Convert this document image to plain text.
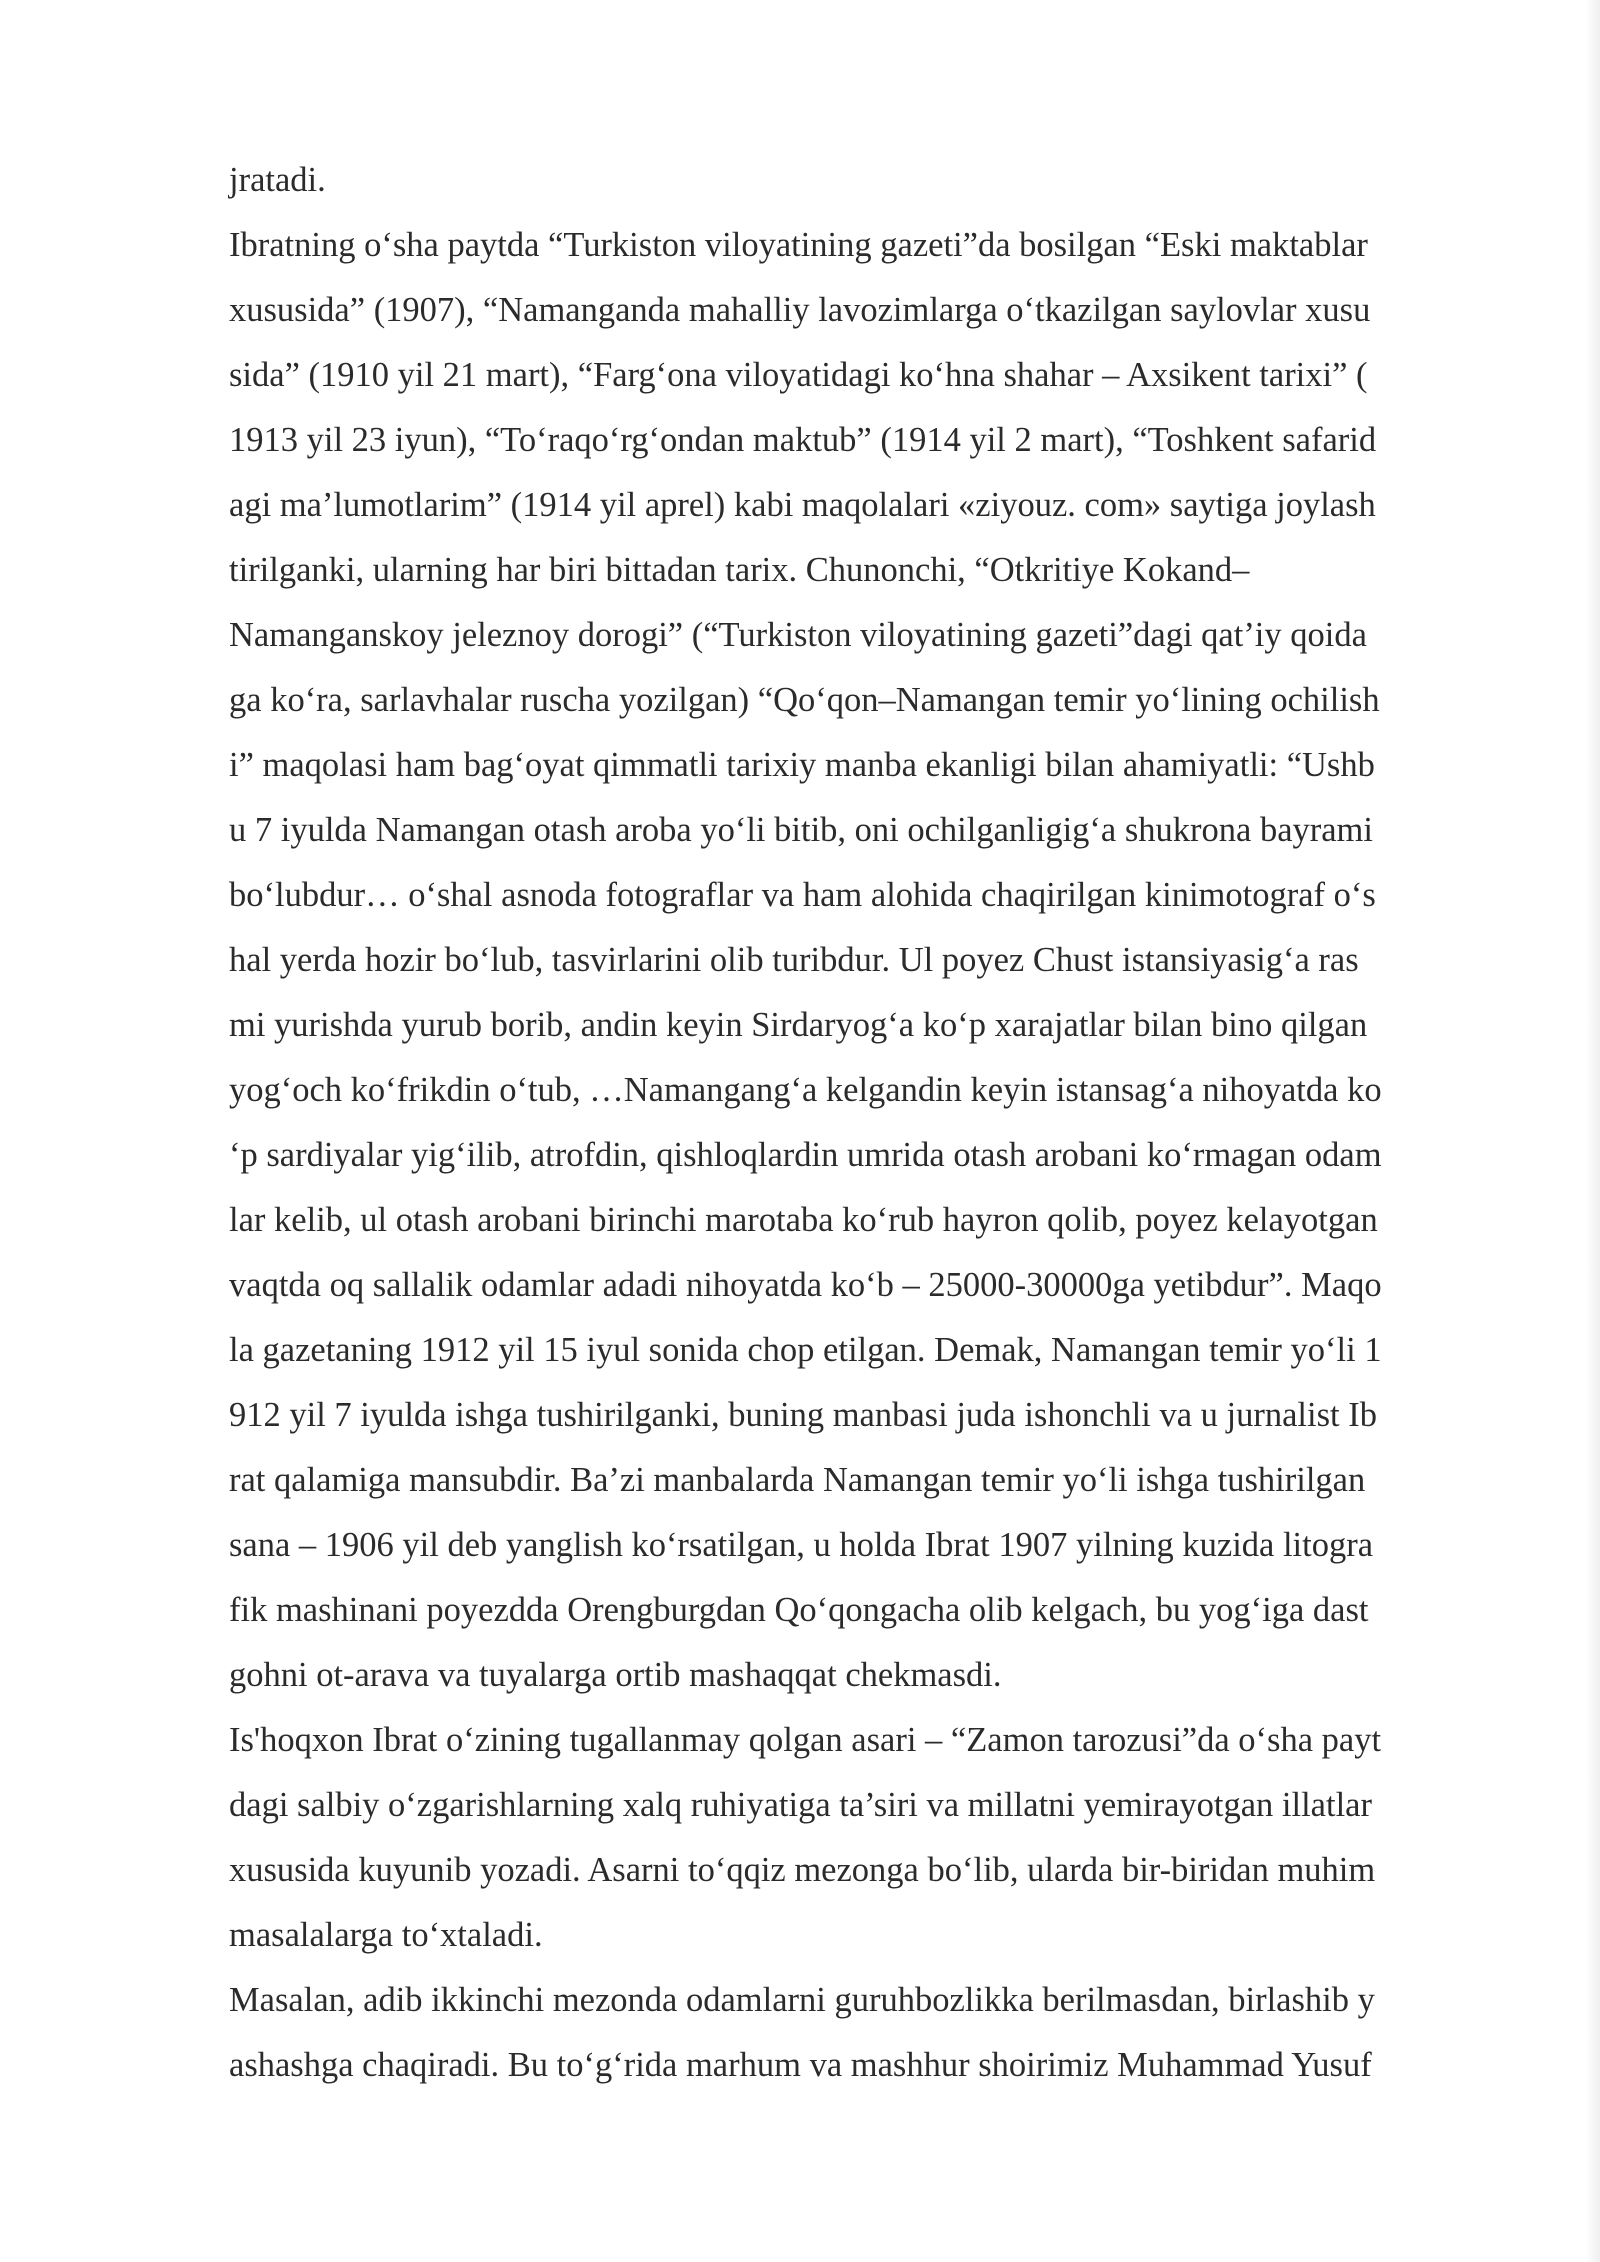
jratadi.
Ibratning o‘sha paytda “Turkiston viloyatining gazeti”da bosilgan “Eski maktablar
xususida” (1907), “Namanganda mahalliy lavozimlarga o‘tkazilgan saylovlar xusu
sida” (1910 yil 21 mart), “Farg‘ona viloyatidagi ko‘hna shahar – Axsikent tarixi” (
1913 yil 23 iyun), “To‘raqo‘rg‘ondan maktub” (1914 yil 2 mart), “Toshkent safarid
agi ma’lumotlarim” (1914 yil aprel) kabi maqolalari «ziyouz. com» saytiga joylash
tirilganki, ularning har biri bittadan tarix. Chunonchi, “Otkritiye Kokand–
Namanganskoy jeleznoy dorogi” (“Turkiston viloyatining gazeti”dagi qat’iy qoida
ga ko‘ra, sarlavhalar ruscha yozilgan) “Qo‘qon–Namangan temir yo‘lining ochilish
i” maqolasi ham bag‘oyat qimmatli tarixiy manba ekanligi bilan ahamiyatli: “Ushb
u 7 iyulda Namangan otash aroba yo‘li bitib, oni ochilganligig‘a shukrona bayrami
bo‘lubdur… o‘shal asnoda fotograflar va ham alohida chaqirilgan kinimotograf o‘s
hal yerda hozir bo‘lub, tasvirlarini olib turibdur. Ul poyez Chust istansiyasig‘a ras
mi yurishda yurub borib, andin keyin Sirdaryog‘a ko‘p xarajatlar bilan bino qilgan
yog‘och ko‘frikdin o‘tub, …Namangang‘a kelgandin keyin istansag‘a nihoyatda ko
‘p sardiyalar yig‘ilib, atrofdin, qishloqlardin umrida otash arobani ko‘rmagan odam
lar kelib, ul otash arobani birinchi marotaba ko‘rub hayron qolib, poyez kelayotgan
vaqtda oq sallalik odamlar adadi nihoyatda ko‘b – 25000-30000ga yetibdur”. Maqo
la gazetaning 1912 yil 15 iyul sonida chop etilgan. Demak, Namangan temir yo‘li 1
912 yil 7 iyulda ishga tushirilganki, buning manbasi juda ishonchli va u jurnalist Ib
rat qalamiga mansubdir. Ba’zi manbalarda Namangan temir yo‘li ishga tushirilgan
sana – 1906 yil deb yanglish ko‘rsatilgan, u holda Ibrat 1907 yilning kuzida litogra
fik mashinani poyezdda Orengburgdan Qo‘qongacha olib kelgach, bu yog‘iga dast
gohni ot-arava va tuyalarga ortib mashaqqat chekmasdi.
Is'hoqxon Ibrat o‘zining tugallanmay qolgan asari – “Zamon tarozusi”da o‘sha payt
dagi salbiy o‘zgarishlarning xalq ruhiyatiga ta’siri va millatni yemirayotgan illatlar
xususida kuyunib yozadi. Asarni to‘qqiz mezonga bo‘lib, ularda bir-biridan muhim
masalalarga to‘xtaladi.
Masalan, adib ikkinchi mezonda odamlarni guruhbozlikka berilmasdan, birlashib y
ashashga chaqiradi. Bu to‘g‘rida marhum va mashhur shoirimiz Muhammad Yusuf
